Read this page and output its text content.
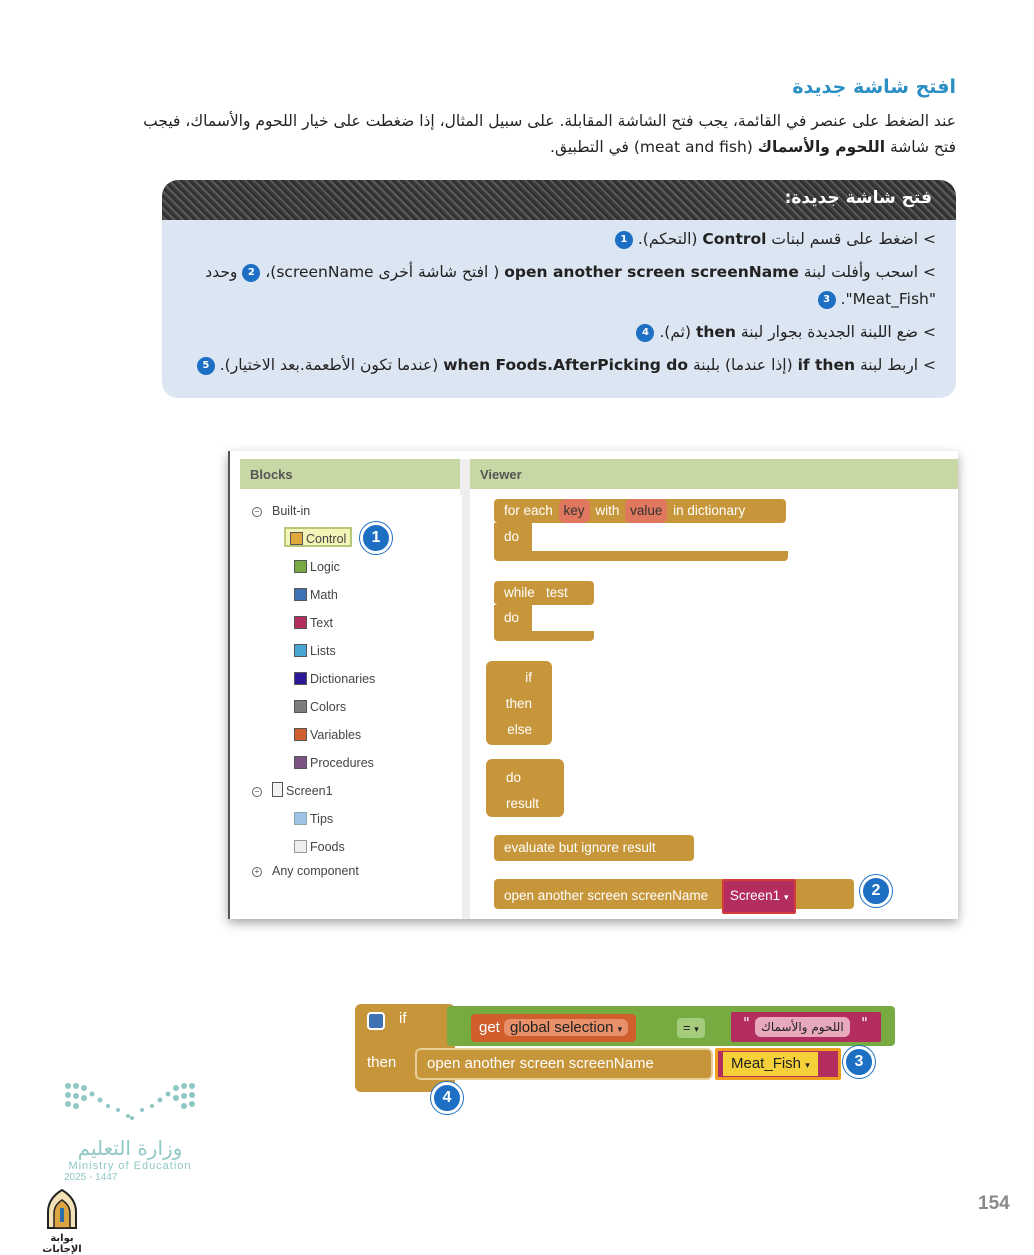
افتح شاشة جديدة
عند الضغط على عنصر في القائمة، يجب فتح الشاشة المقابلة. على سبيل المثال، إذا ضغطت على خيار اللحوم والأسماك، فيجب
فتح شاشة اللحوم والأسماك (meat and fish) في التطبيق.
فتح شاشة جديدة:
> اضغط على قسم لبنات Control (التحكم). 1
> اسحب وأفلت لبنة open another screen screenName ( افتح شاشة أخرى screenName)، 2 وحدد
"Meat_Fish". 3
> ضع اللبنة الجديدة بجوار لبنة then (ثم). 4
> اربط لبنة if then (إذا عندما) بلبنة when Foods.AfterPicking do (عندما تكون الأطعمة.بعد الاختيار). 5
Blocks	Viewer
− Built-in
Control
Logic
Math
Text
Lists
Dictionaries
Colors
Variables
Procedures
− Screen1
Tips
Foods
+ Any component
1
for each key with value in dictionary
do
while test
do
if
then
else
do
result
evaluate but ignore result
open another screen screenName Screen1 ▾	2
if
then
get global selection ▾	= ▾	" اللحوم والأسماك	"
open another screen screenName	Meat_Fish ▾	3
4
وزارة التعليم
Ministry of Education
2025 - 1447
بوابة الإجابات
154
